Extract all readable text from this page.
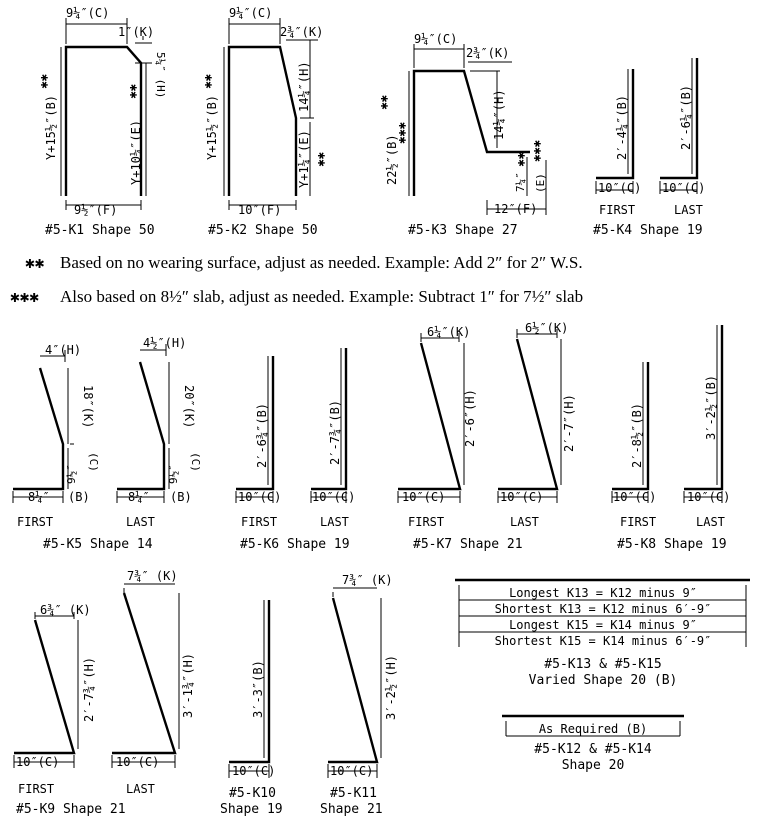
9¼″(C)
1″(K)
5¼″ (H)
Y+15½″(B)	Y+10¼″(E)
9½″(F)
✱✱
✱✱
#5-K1 Shape 50
9¼″(C)
2¾″(K)
14¼″(H)
Y+15½″(B)	Y+1¼″(E)
10″(F)
✱✱
✱✱
#5-K2 Shape 50
9¼″(C)
2¾″(K)
14¼″(H)
22½″(B)	7¼″ (E)
12″(F)
✱✱
✱✱✱
✱✱ ✱✱✱
#5-K3 Shape 27
2′-4¼″(B)	2′-6¼″(B)
10″(C) 10″(C)
FIRST	LAST
#5-K4 Shape 19
4″(H)	4½″(H)
18″(K)	20″(K)
9½″
(C)
9½″
(C)
8¼″ (B)	8¼″ (B)
FIRST	LAST
#5-K5 Shape 14
2′-6¾″(B)	2′-7¾″(B)
10″(C)	10″(C)
FIRST	LAST
#5-K6 Shape 19
6¼″(K)	6½″(K)
2′-6″(H)	2′-7″(H)
10″(C)	10″(C)
FIRST	LAST
#5-K7 Shape 21
2′-8½″(B)	3′-2½″(B)
10″(C)	10″(C)
FIRST	LAST
#5-K8 Shape 19
6¾″ (K)
7¾″ (K)
2′-7¾″(H)	3′-1¾″(H)
10″(C)	10″(C)
FIRST	LAST
#5-K9 Shape 21
3′-3″(B)
10″(C)
#5-K10
Shape 19
7¾″ (K)
3′-2½″(H)
10″(C)
#5-K11
Shape 21
Longest K13 = K12 minus 9″
Shortest K13 = K12 minus 6′-9″
Longest K15 = K14 minus 9″
Shortest K15 = K14 minus 6′-9″
#5-K13 & #5-K15
Varied Shape 20 (B)
As Required (B)
#5-K12 & #5-K14
Shape 20
✱✱ Based on no wearing surface, adjust as needed. Example: Add 2″ for 2″ W.S.
✱✱✱ Also based on 8½″ slab, adjust as needed. Example: Subtract 1″ for 7½″ slab
